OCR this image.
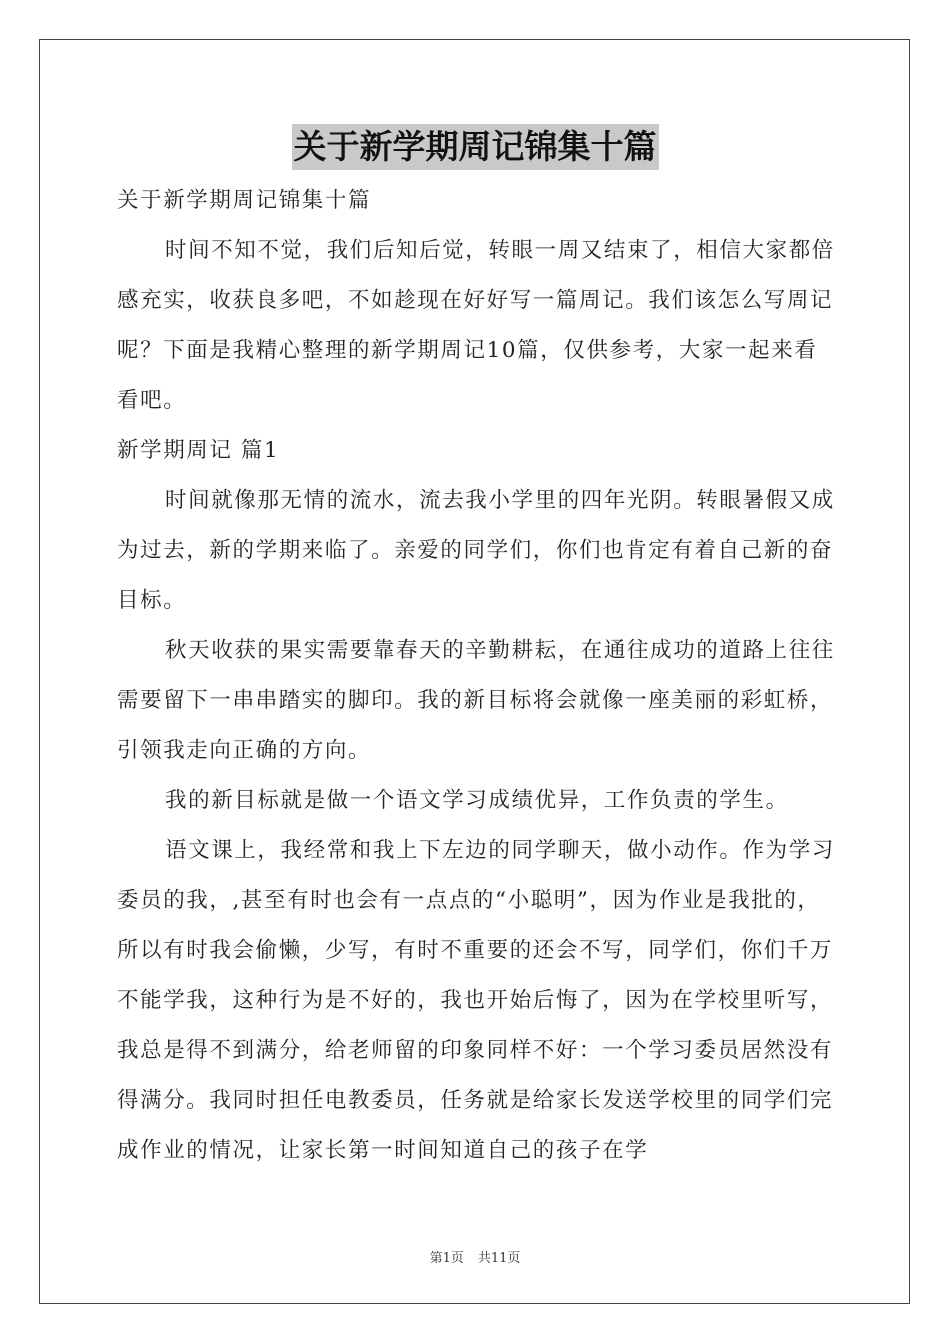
关于新学期周记锦集十篇

关于新学期周记锦集十篇

时间不知不觉，我们后知后觉，转眼一周又结束了，相信大家都倍感充实，收获良多吧，不如趁现在好好写一篇周记。我们该怎么写周记呢？下面是我精心整理的新学期周记10篇，仅供参考，大家一起来看看吧。

新学期周记 篇1

时间就像那无情的流水，流去我小学里的四年光阴。转眼暑假又成为过去，新的学期来临了。亲爱的同学们，你们也肯定有着自己新的奋目标。

秋天收获的果实需要靠春天的辛勤耕耘，在通往成功的道路上往往需要留下一串串踏实的脚印。我的新目标将会就像一座美丽的彩虹桥，引领我走向正确的方向。

我的新目标就是做一个语文学习成绩优异，工作负责的学生。

语文课上，我经常和我上下左边的同学聊天，做小动作。作为学习委员的我，,甚至有时也会有一点点的“小聪明”，因为作业是我批的，所以有时我会偷懒，少写，有时不重要的还会不写，同学们，你们千万不能学我，这种行为是不好的，我也开始后悔了，因为在学校里听写，我总是得不到满分，给老师留的印象同样不好：一个学习委员居然没有得满分。我同时担任电教委员，任务就是给家长发送学校里的同学们完成作业的情况，让家长第一时间知道自己的孩子在学

第1页 共11页
